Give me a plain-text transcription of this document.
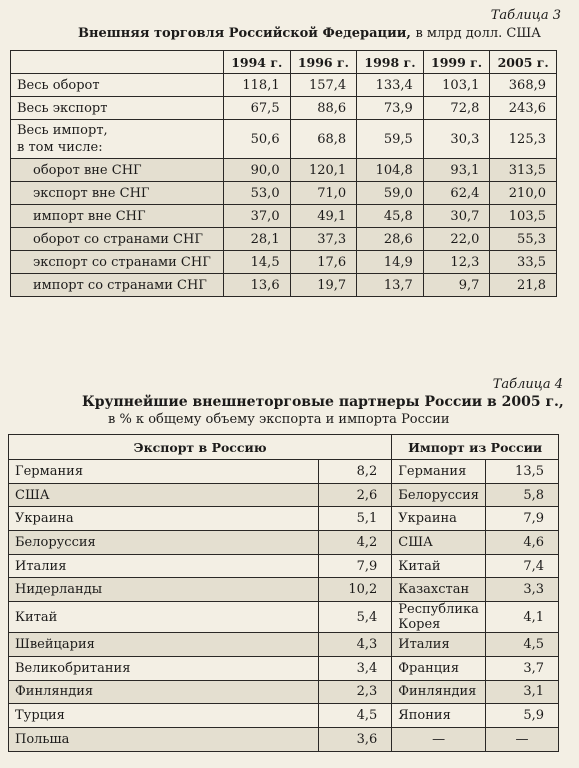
Таблица 3
Внешняя торговля Российской Федерации, в млрд долл. США
	1994 г.	1996 г.	1998 г.	1999 г.	2005 г.
Весь оборот	118,1	157,4	133,4	103,1	368,9
Весь экспорт	67,5	88,6	73,9	72,8	243,6
Весь импорт,
в том числе:	50,6	68,8	59,5	30,3	125,3
оборот вне СНГ	90,0	120,1	104,8	93,1	313,5
экспорт вне СНГ	53,0	71,0	59,0	62,4	210,0
импорт вне СНГ	37,0	49,1	45,8	30,7	103,5
оборот со странами СНГ	28,1	37,3	28,6	22,0	55,3
экспорт со странами СНГ	14,5	17,6	14,9	12,3	33,5
импорт со странами СНГ	13,6	19,7	13,7	9,7	21,8
Таблица 4
Крупнейшие внешнеторговые партнеры России в 2005 г.,
в % к общему объему экспорта и импорта России
Экспорт в Россию		Импорт из России	
Германия	8,2	Германия	13,5
США	2,6	Белоруссия	5,8
Украина	5,1	Украина	7,9
Белоруссия	4,2	США	4,6
Италия	7,9	Китай	7,4
Нидерланды	10,2	Казахстан	3,3
Китай	5,4	Республика Корея	4,1
Швейцария	4,3	Италия	4,5
Великобритания	3,4	Франция	3,7
Финляндия	2,3	Финляндия	3,1
Турция	4,5	Япония	5,9
Польша	3,6	—	—
